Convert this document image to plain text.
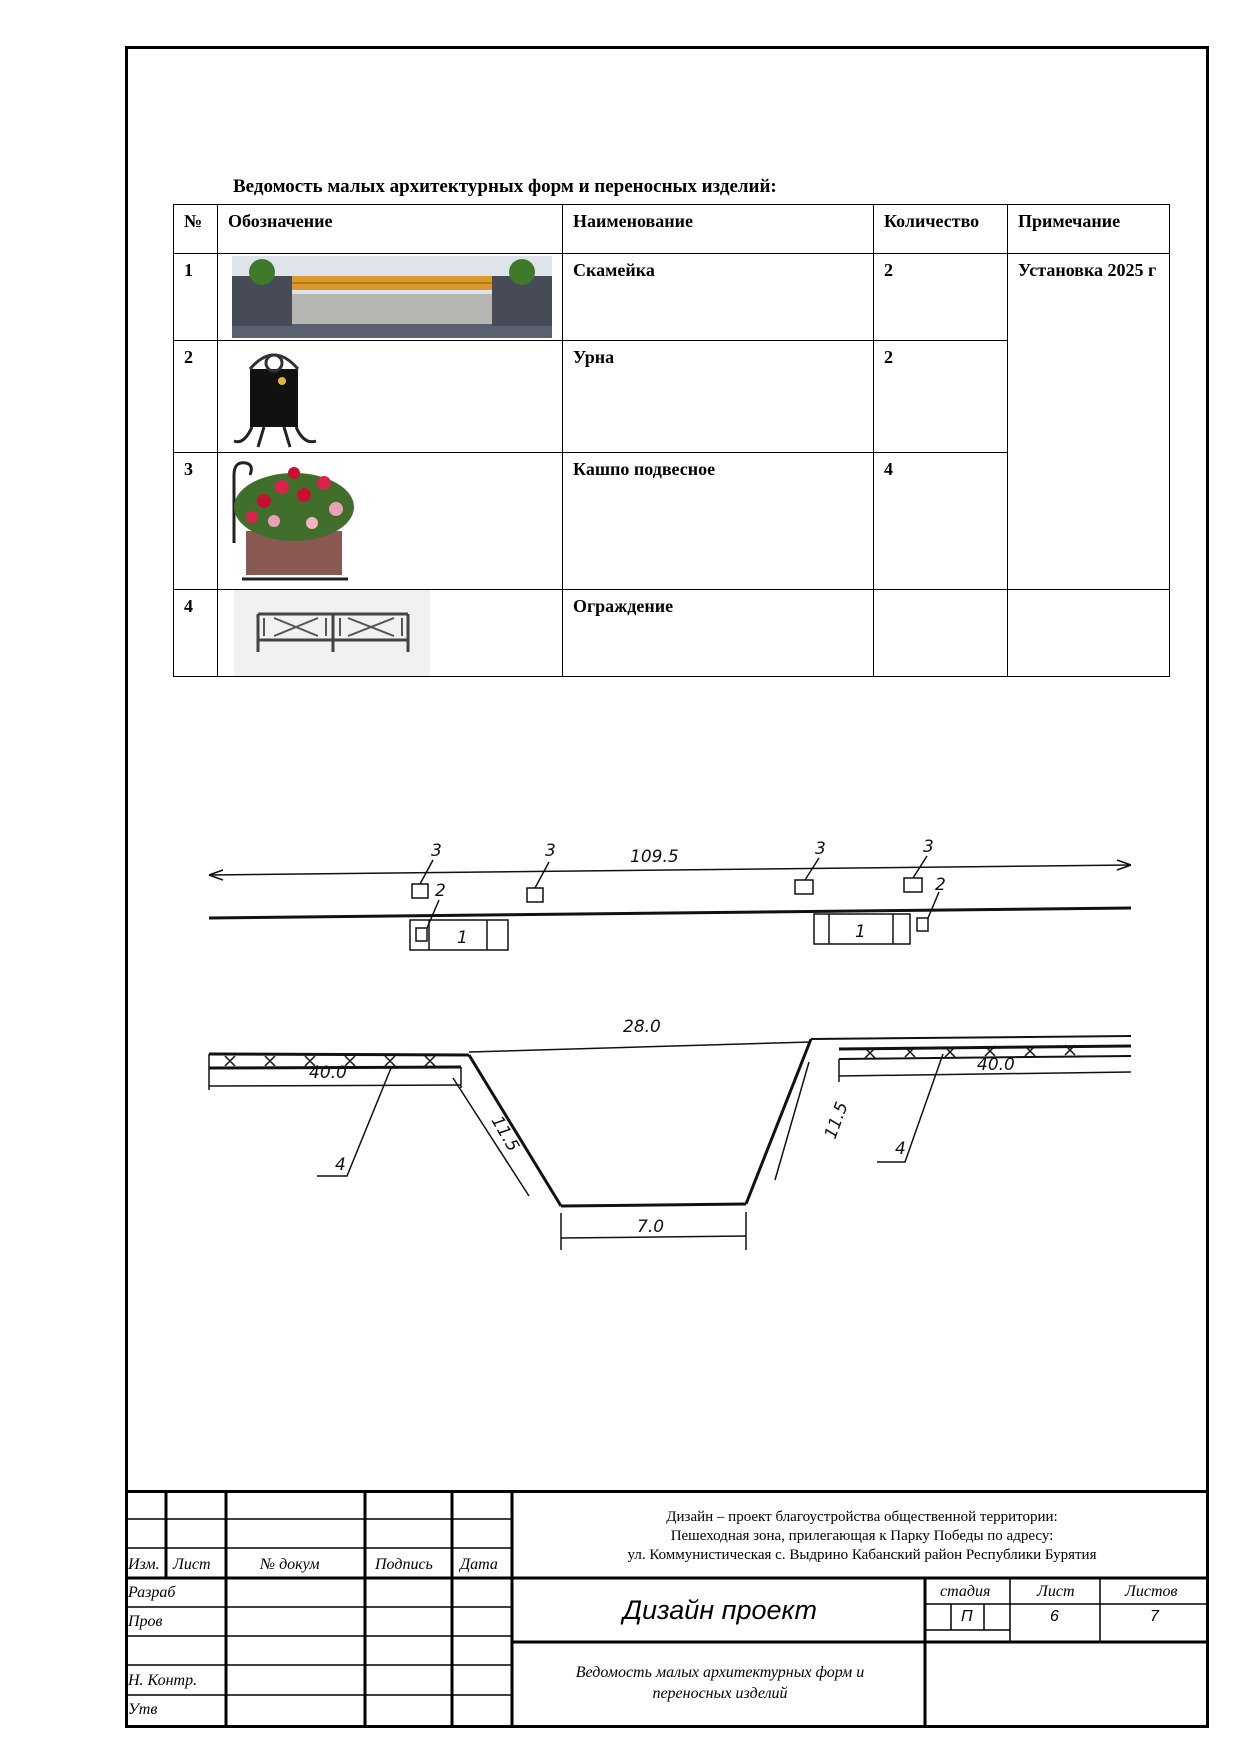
Ведомость малых архитектурных форм и переносных изделий:
№	Обозначение	Наименование	Количество	Примечание
1		Скамейка	2	Установка 2025 г
2		Урна	2	
3		Кашпо подвесное	4	
4		Ограждение		
109.5
28.0
40.0	40.0
11.5	11.5
7.0
3
2
3	3	3
2
1	1
4
4
Изм. Лист	№ докум	Подпись Дата
Разраб
Пров
Н. Контр.
Утв
Дизайн – проект благоустройства общественной территории:
Пешеходная зона, прилегающая к Парку Победы по адресу:
ул. Коммунистическая с. Выдрино Кабанский район Республики Бурятия
Дизайн проект
Ведомость малых архитектурных форм и
переносных изделий
стадия	Лист	Листов
П	6	7
